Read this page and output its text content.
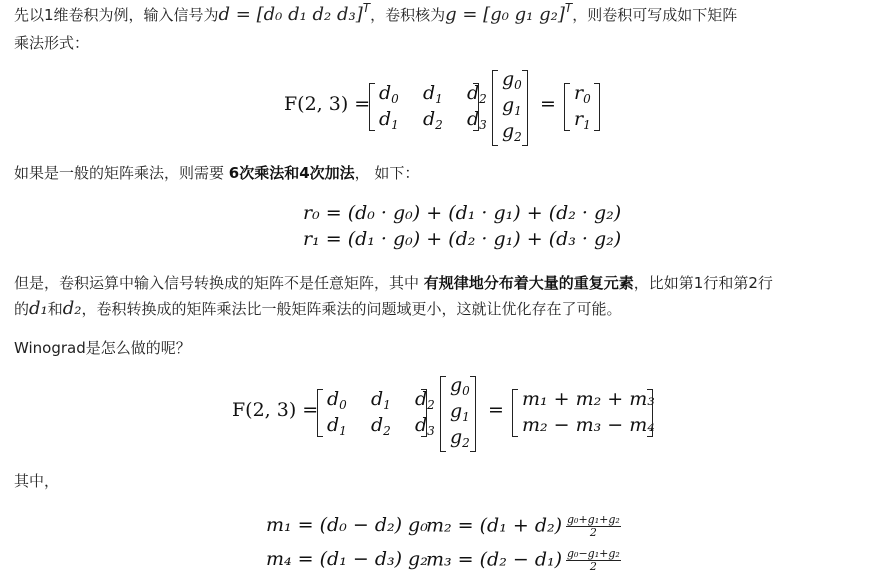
先以1维卷积为例，输入信号为d = [d₀ d₁ d₂ d₃]$^T$，卷积核为g = [g₀ g₁ g₂]$^T$，则卷积可写成如下矩阵
乘法形式：
F(2, $3) = d_0$ $d_1$ $d_2$
$d_1$ $d_2$ $d_3$
$g_0$
$g_1$
$g_2$
= $r_0$
$r_1$
如果是一般的矩阵乘法，则需要 6次乘法和4次加法， 如下：
r₀ = (d₀ · g₀) + (d₁ · g₁) + (d₂ · g₂)
r₁ = (d₁ · g₀) + (d₂ · g₁) + (d₃ · g₂)
但是，卷积运算中输入信号转换成的矩阵不是任意矩阵，其中 有规律地分布着大量的重复元素，比如第1行和第2行
的d₁和d₂，卷积转换成的矩阵乘法比一般矩阵乘法的问题域更小，这就让优化存在了可能。
Winograd是怎么做的呢？
F(2, $3) = d_0$ $d_1$ $d_2$
$d_1$ $d_2$ $d_3$
$g_0$
$g_1$
$g_2$
= m₁ + m₂ + m₃
m₂ − m₃ − m₄
其中，
m₁ = (d₀ − d₂) g₀
$m_2 = (d_1 + d_2) \frac{\text{g₀+g₁+g₂}}{2}$
m₄ = (d₁ − d₃) g₂
$m_3 = (d_2 - d_1) \frac{\text{g₀−g₁+g₂}}{2}$
